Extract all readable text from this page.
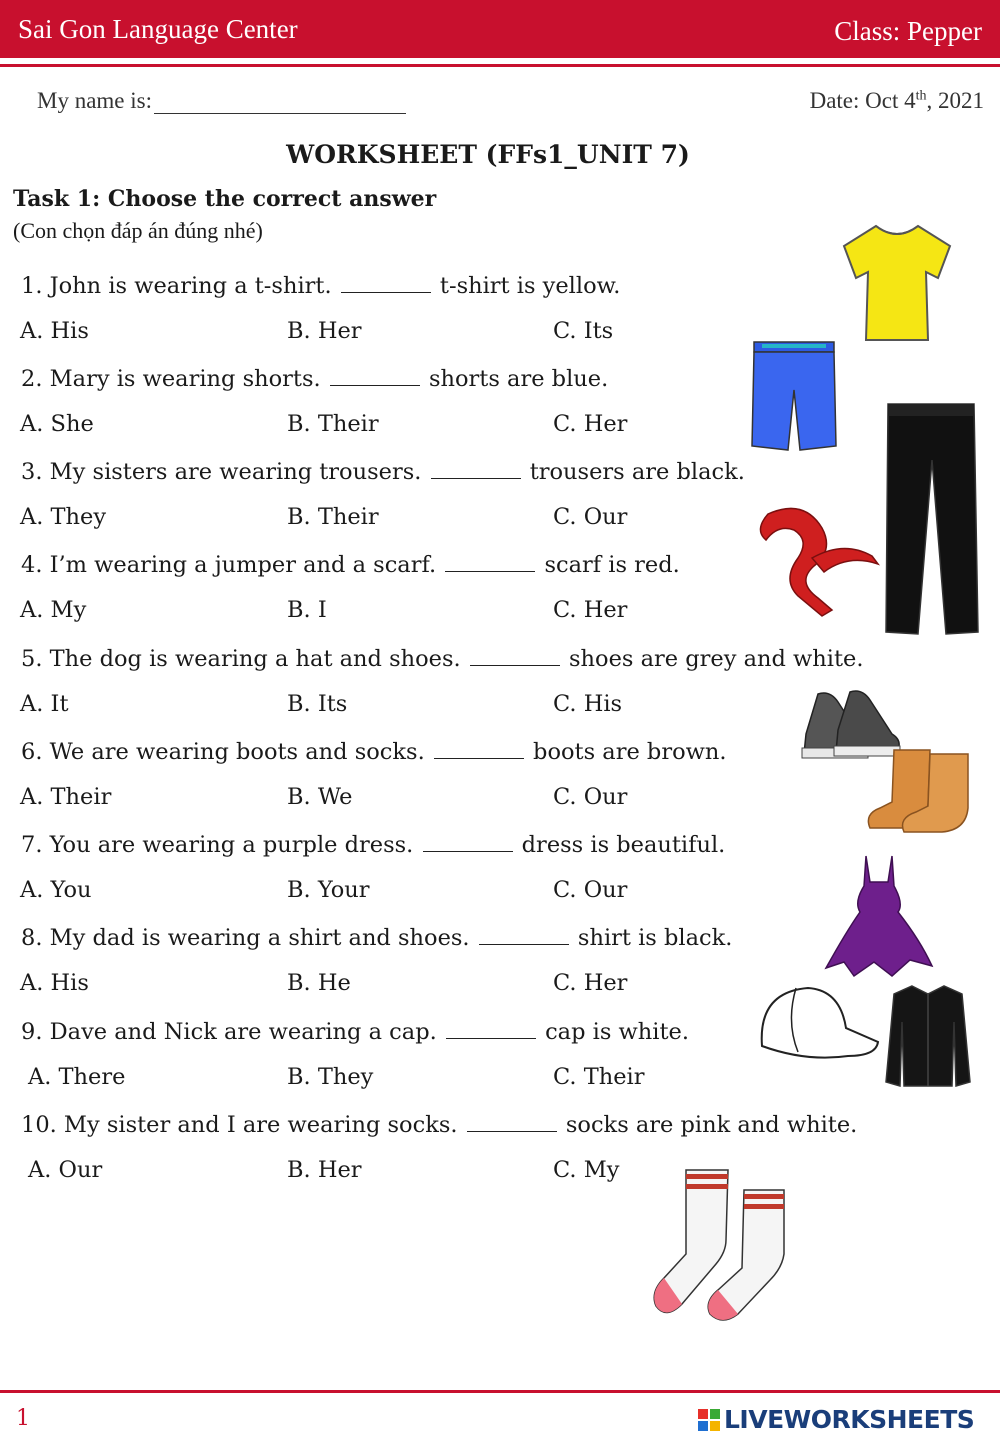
Sai Gon Language Center	Class: Pepper
My name is:	Date: Oct 4th, 2021
WORKSHEET (FFs1_UNIT 7)
Task 1: Choose the correct answer
(Con chọn đáp án đúng nhé)
1. John is wearing a t-shirt.	t-shirt is yellow.
A. His	B. Her	C. Its
2. Mary is wearing shorts.	shorts are blue.
A. She	B. Their	C. Her
3. My sisters are wearing trousers.	trousers are black.
A. They	B. Their	C. Our
4. I’m wearing a jumper and a scarf.	scarf is red.
A. My	B. I	C. Her
5. The dog is wearing a hat and shoes.	shoes are grey and white.
A. It	B. Its	C. His
6. We are wearing boots and socks.	boots are brown.
A. Their	B. We	C. Our
7. You are wearing a purple dress.	dress is beautiful.
A. You	B. Your	C. Our
8. My dad is wearing a shirt and shoes.	shirt is black.
A. His	B. He	C. Her
9. Dave and Nick are wearing a cap.	cap is white.
A. There	B. They	C. Their
10. My sister and I are wearing socks.	socks are pink and white.
A. Our	B. Her	C. My
1	LIVEWORKSHEETS
